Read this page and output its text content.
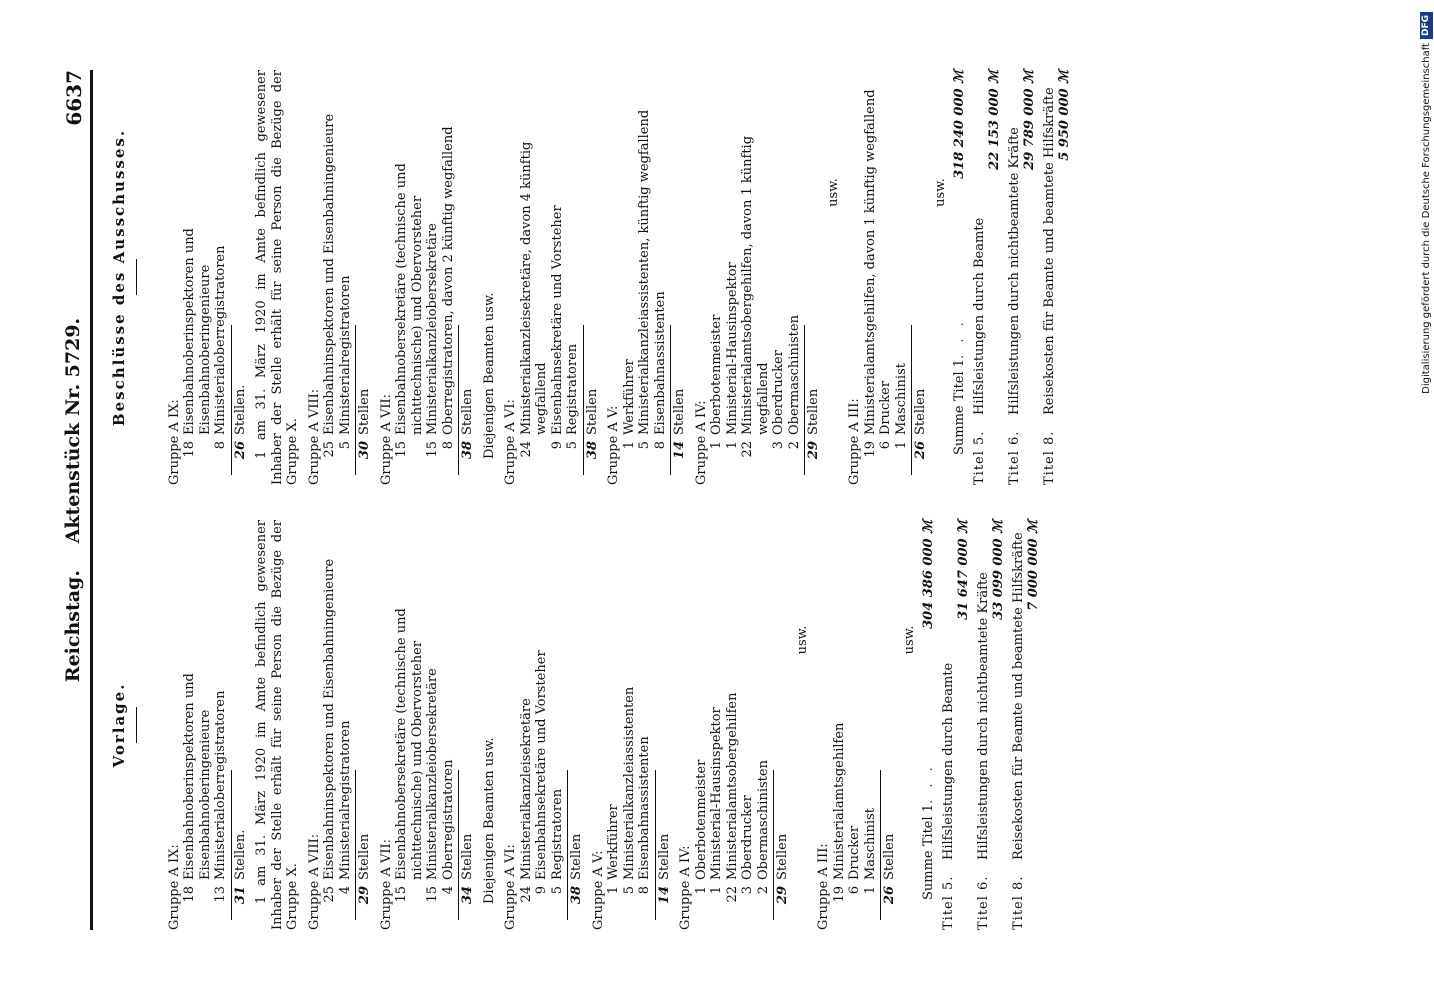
Reichstag. Aktenstück Nr. 5729.
6637
Vorlage.
Gruppe A IX: 18
Eisenbahnoberinspektoren und Eisenbahnoberingenieure
13
Ministerialoberregistratoren
31
Stellen. 1 am 31. März 1920 im Amte befindlich gewesener Inhaber der Stelle erhält für seine Person die Bezüge der Gruppe X. Gruppe A VIII: 25
Eisenbahninspektoren und Eisenbahningenieure
4
Ministerialregistratoren
29
Stellen Gruppe A VII: 15
Eisenbahnobersekretäre (technische und nichttechnische) und Obervorsteher
15
Ministerialkanzleiobersekretäre
4
Oberregistratoren
34
Stellen Diejenigen Beamten usw. Gruppe A VI: 24
Ministerialkanzleisekretäre
9
Eisenbahnsekretäre und Vorsteher
5
Registratoren
38
Stellen Gruppe A V: 1
Werkführer
5
Ministerialkanzleiassistenten
8
Eisenbahnassistenten
14
Stellen Gruppe A IV: 1
Oberbotenmeister
1
Ministerial-Hausinspektor
22
Ministerialamtsobergehilfen
3
Oberdrucker
2
Obermaschinisten
29
Stellen
usw.
Gruppe A III: 19
Ministerialamtsgehilfen
6
Drucker
1
Maschinist
26
Stellen
usw.
Summe Titel 1
. . .
304 386 000 ℳ
Titel 5.
Hilfsleistungen durch Beamte
31 647 000 ℳ
Titel 6.
Hilfsleistungen durch nichtbeamtete Kräfte
33 099 000 ℳ
Titel 8.
Reisekosten für Beamte und beamtete Hilfskräfte 7 000 000 ℳ
Beschlüsse des Ausschusses.
Gruppe A IX: 18
Eisenbahnoberinspektoren und Eisenbahnoberingenieure
8
Ministerialoberregistratoren
26
Stellen. 1 am 31. März 1920 im Amte befindlich gewesener Inhaber der Stelle erhält für seine Person die Bezüge der Gruppe X. Gruppe A VIII: 25
Eisenbahninspektoren und Eisenbahningenieure
5
Ministerialregistratoren
30
Stellen Gruppe A VII: 15
Eisenbahnobersekretäre (technische und nichttechnische) und Obervorsteher
15
Ministerialkanzleiobersekretäre
8
Oberregistratoren, davon 2 künftig wegfallend
38
Stellen Diejenigen Beamten usw. Gruppe A VI: 24
Ministerialkanzleisekretäre, davon 4 künftig wegfallend
9
Eisenbahnsekretäre und Vorsteher
5
Registratoren
38
Stellen Gruppe A V: 1
Werkführer
5
Ministerialkanzleiassistenten, künftig wegfallend
8
Eisenbahnassistenten
14
Stellen Gruppe A IV: 1
Oberbotenmeister
1
Ministerial-Hausinspektor
22
Ministerialamtsobergehilfen, davon 1 künftig wegfallend
3
Oberdrucker
2
Obermaschinisten
29
Stellen
usw.
Gruppe A III: 19
Ministerialamtsgehilfen, davon 1 künftig wegfallend
6
Drucker
1
Maschinist
26
Stellen
usw.
Summe Titel 1
. . .
318 240 000 ℳ
Titel 5.
Hilfsleistungen durch Beamte
22 153 000 ℳ
Titel 6.
Hilfsleistungen durch nichtbeamtete Kräfte
29 789 000 ℳ
Titel 8.
Reisekosten für Beamte und beamtete Hilfskräfte 5 950 000 ℳ	Digitalisierung gefördert durch die Deutsche Forschungsgemeinschaft
DFG
